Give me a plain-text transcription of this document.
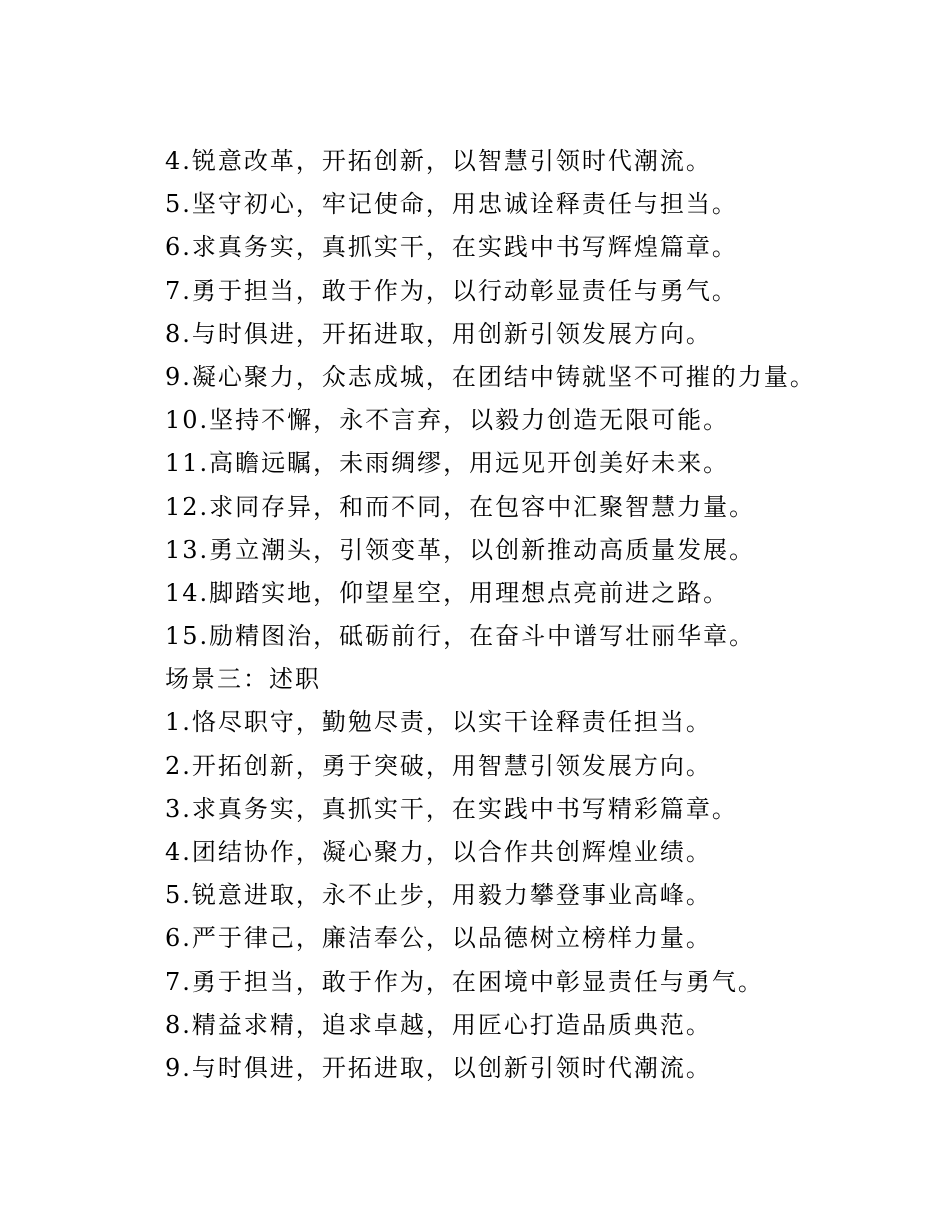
4.锐意改革，开拓创新，以智慧引领时代潮流。
5.坚守初心，牢记使命，用忠诚诠释责任与担当。
6.求真务实，真抓实干，在实践中书写辉煌篇章。
7.勇于担当，敢于作为，以行动彰显责任与勇气。
8.与时俱进，开拓进取，用创新引领发展方向。
9.凝心聚力，众志成城，在团结中铸就坚不可摧的力量。
10.坚持不懈，永不言弃，以毅力创造无限可能。
11.高瞻远瞩，未雨绸缪，用远见开创美好未来。
12.求同存异，和而不同，在包容中汇聚智慧力量。
13.勇立潮头，引领变革，以创新推动高质量发展。
14.脚踏实地，仰望星空，用理想点亮前进之路。
15.励精图治，砥砺前行，在奋斗中谱写壮丽华章。
场景三：述职
1.恪尽职守，勤勉尽责，以实干诠释责任担当。
2.开拓创新，勇于突破，用智慧引领发展方向。
3.求真务实，真抓实干，在实践中书写精彩篇章。
4.团结协作，凝心聚力，以合作共创辉煌业绩。
5.锐意进取，永不止步，用毅力攀登事业高峰。
6.严于律己，廉洁奉公，以品德树立榜样力量。
7.勇于担当，敢于作为，在困境中彰显责任与勇气。
8.精益求精，追求卓越，用匠心打造品质典范。
9.与时俱进，开拓进取，以创新引领时代潮流。
